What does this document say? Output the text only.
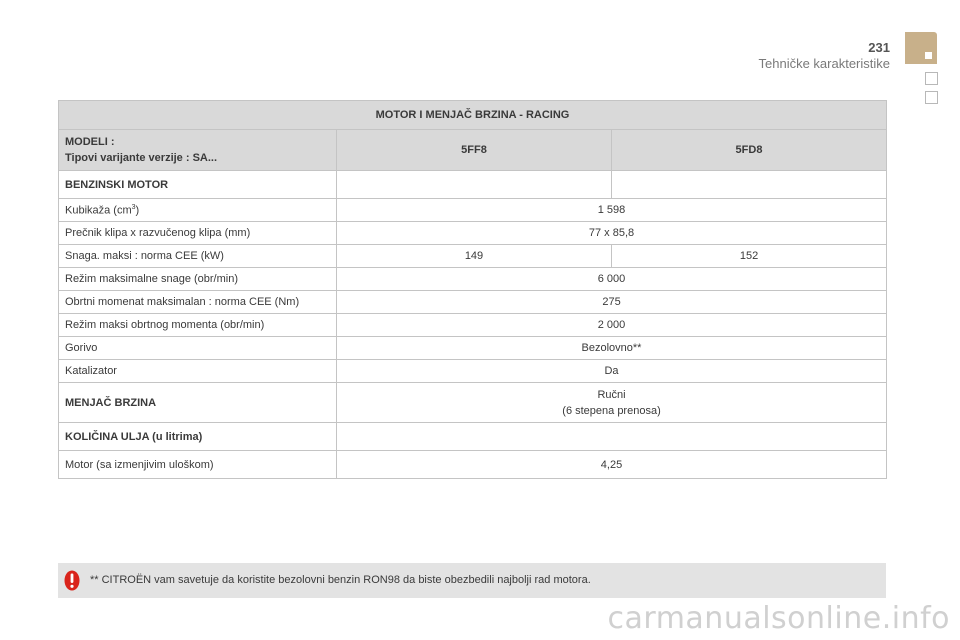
231
Tehničke karakteristike
MOTOR I MENJAČ BRZINA - RACING		

MODELI :
Tipovi varijante verzije : SA...	5FF8	5FD8
BENZINSKI MOTOR		
Kubikaža $(cm^3)$	1 598	
Prečnik klipa x razvučenog klipa (mm)	77 x 85,8	
Snaga. maksi : norma CEE (kW)	149	152
Režim maksimalne snage (obr/min)	6 000	
Obrtni momenat maksimalan : norma CEE (Nm)	275	
Režim maksi obrtnog momenta (obr/min)	2 000	
Gorivo	Bezolovno**	
Katalizator	Da	
MENJAČ BRZINA	Ručni
(6 stepena prenosa)	

KOLIČINA ULJA (u litrima)		
Motor (sa izmenjivim uloškom)	4,25	
** CITROËN vam savetuje da koristite bezolovni benzin RON98 da biste obezbedili najbolji rad motora.
carmanualsonline.info
